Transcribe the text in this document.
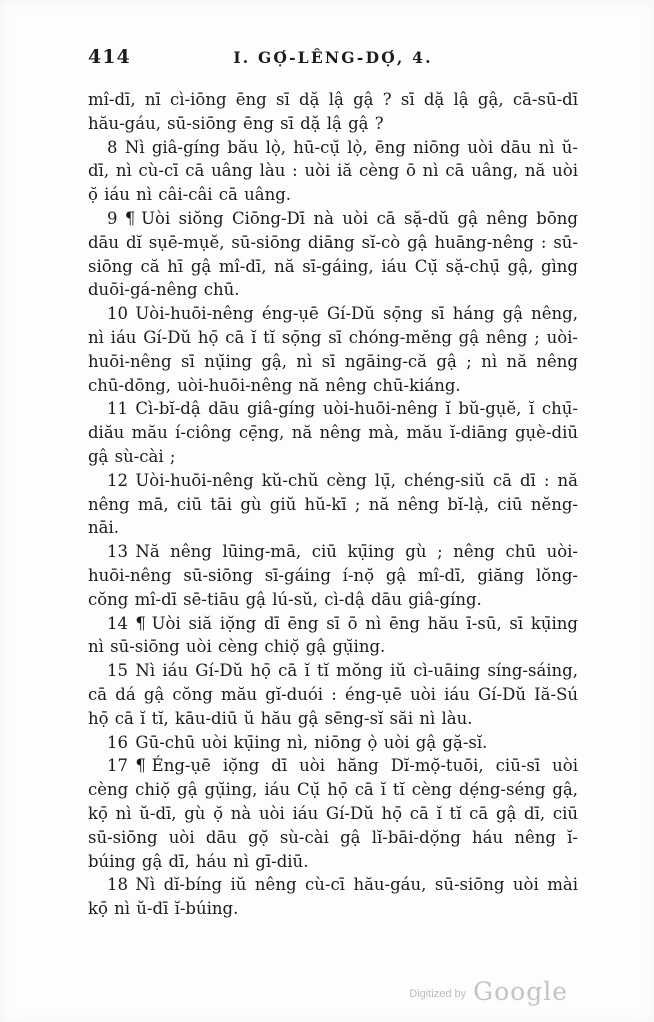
414	I. GỌ́-LÊNG-DỌ́, 4.

mî-dī, nī cì-iōng ēng sī dặ lậ gậ ? sī dặ lậ gậ, cā-sū-dī hău-gáu, sū-siōng ēng sī dặ lậ gậ ?

8 Nì giâ-gíng bău lọ̀, hū-cụ̆ lọ̀, ēng niōng uòi dāu nì ŭ-dī, nì cù-cī cā uâng làu : uòi iă cèng ō nì cā uâng, nă uòi ọ̆ iáu nì câi-câi cā uâng.

9 ¶ Uòi siŏng Ciōng-Dī nà uòi cā sặ-dŭ gậ nêng bōng dāu dĭ sụē-mụĕ, sū-siōng diāng sĭ-cò gậ huāng-nêng : sū-siōng că hī gậ mî-dī, nă sī-gáing, iáu Cụ̆ sặ-chụ̄ gậ, gìng duōi-gá-nêng chū.

10 Uòi-huōi-nêng éng-ụē Gí-Dŭ sọ̄ng sī háng gậ nêng, nì iáu Gí-Dŭ họ̄ cā ĭ tĭ sọ̄ng sī chóng-mĕng gậ nêng ; uòi-huōi-nêng sī nụ̆ing gậ, nì sī ngāing-că gậ ; nì nă nêng chū-dōng, uòi-huōi-nêng nă nêng chū-kiáng.

11 Cì-bĭ-dậ dāu giâ-gíng uòi-huōi-nêng ĭ bŭ-gụĕ, ĭ chụ̄-diău mău í-ciông cẹ̄ng, nă nêng mà, mău ĭ-diāng gụè-diū gậ sù-cài ;

12 Uòi-huōi-nêng kŭ-chŭ cèng lụ̄, chéng-siŭ cā dī : nă nêng mā, ciū tāi gù giŭ hŭ-kī ; nă nêng bĭ-lạ̀, ciū nĕng-nāi.

13 Nă nêng lūing-mā, ciū kụ̄ing gù ; nêng chū uòi-huōi-nêng sū-siōng sī-gáing í-nọ̆ gậ mî-dī, giăng lŏng-cŏng mî-dī sē-tiāu gậ lú-sŭ, cì-dậ dāu giâ-gíng.

14 ¶ Uòi siă iọ̆ng dī ēng sī ō nì ēng hău ī-sū, sī kụ̄ing nì sū-siōng uòi cèng chiọ̆ gậ gụ̆ing.

15 Nì iáu Gí-Dŭ họ̄ cā ĭ tĭ mŏng iŭ cì-uāing síng-sáing, cā dá gậ cŏng mău gĭ-duói : éng-ụē uòi iáu Gí-Dŭ Iă-Sú họ̄ cā ĭ tĭ, kāu-diū ŭ hău gậ sēng-sĭ săi nì làu.

16 Gū-chū uòi kụ̄ing nì, niōng ọ̀ uòi gậ gặ-sĭ.

17 ¶ Éng-ụē iọ̆ng dī uòi hăng Dĭ-mọ̆-tuōi, ciū-sī uòi cèng chiọ̆ gậ gụ̆ing, iáu Cụ̆ họ̄ cā ĭ tĭ cèng dẹ́ng-séng gậ, kọ̄ nì ŭ-dī, gù ọ̆ nà uòi iáu Gí-Dŭ họ̄ cā ĭ tĭ cā gậ dī, ciū sū-siōng uòi dāu gọ̆ sù-cài gậ lĭ-bāi-dọ̆ng háu nêng ĭ-búing gậ dī, háu nì gī-diū.

18 Nì dĭ-bíng iŭ nêng cù-cī hău-gáu, sū-siōng uòi mài kọ̄ nì ŭ-dī ĭ-búing.

Digitized by Google
